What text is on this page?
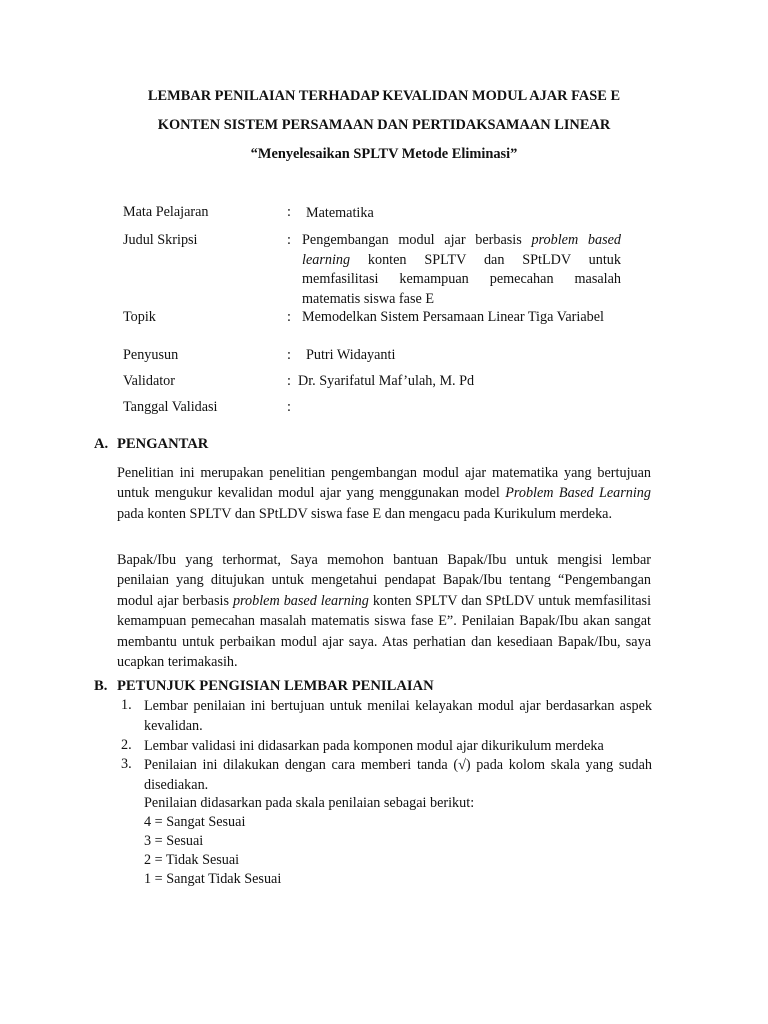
LEMBAR PENILAIAN TERHADAP KEVALIDAN MODUL AJAR FASE E
KONTEN SISTEM PERSAMAAN DAN PERTIDAKSAMAAN LINEAR
“Menyelesaikan SPLTV Metode Eliminasi”
Mata Pelajaran	: Matematika
Judul Skripsi	: Pengembangan modul ajar berbasis problem based learning konten SPLTV dan SPtLDV untuk memfasilitasi kemampuan pemecahan masalah matematis siswa fase E
Topik	: Memodelkan Sistem Persamaan Linear Tiga Variabel
Penyusun	: Putri Widayanti
Validator	: Dr. Syarifatul Maf’ulah, M. Pd
Tanggal Validasi	:
A. PENGANTAR
Penelitian ini merupakan penelitian pengembangan modul ajar matematika yang bertujuan untuk mengukur kevalidan modul ajar yang menggunakan model Problem Based Learning pada konten SPLTV dan SPtLDV siswa fase E dan mengacu pada Kurikulum merdeka.
Bapak/Ibu yang terhormat, Saya memohon bantuan Bapak/Ibu untuk mengisi lembar penilaian yang ditujukan untuk mengetahui pendapat Bapak/Ibu tentang “Pengembangan modul ajar berbasis problem based learning konten SPLTV dan SPtLDV untuk memfasilitasi kemampuan pemecahan masalah matematis siswa fase E”. Penilaian Bapak/Ibu akan sangat membantu untuk perbaikan modul ajar saya. Atas perhatian dan kesediaan Bapak/Ibu, saya ucapkan terimakasih.
B. PETUNJUK PENGISIAN LEMBAR PENILAIAN
1. Lembar penilaian ini bertujuan untuk menilai kelayakan modul ajar berdasarkan aspek kevalidan.
2. Lembar validasi ini didasarkan pada komponen modul ajar dikurikulum merdeka
3. Penilaian ini dilakukan dengan cara memberi tanda (√) pada kolom skala yang sudah disediakan.
Penilaian didasarkan pada skala penilaian sebagai berikut:
4 = Sangat Sesuai
3 = Sesuai
2 = Tidak Sesuai
1 = Sangat Tidak Sesuai
